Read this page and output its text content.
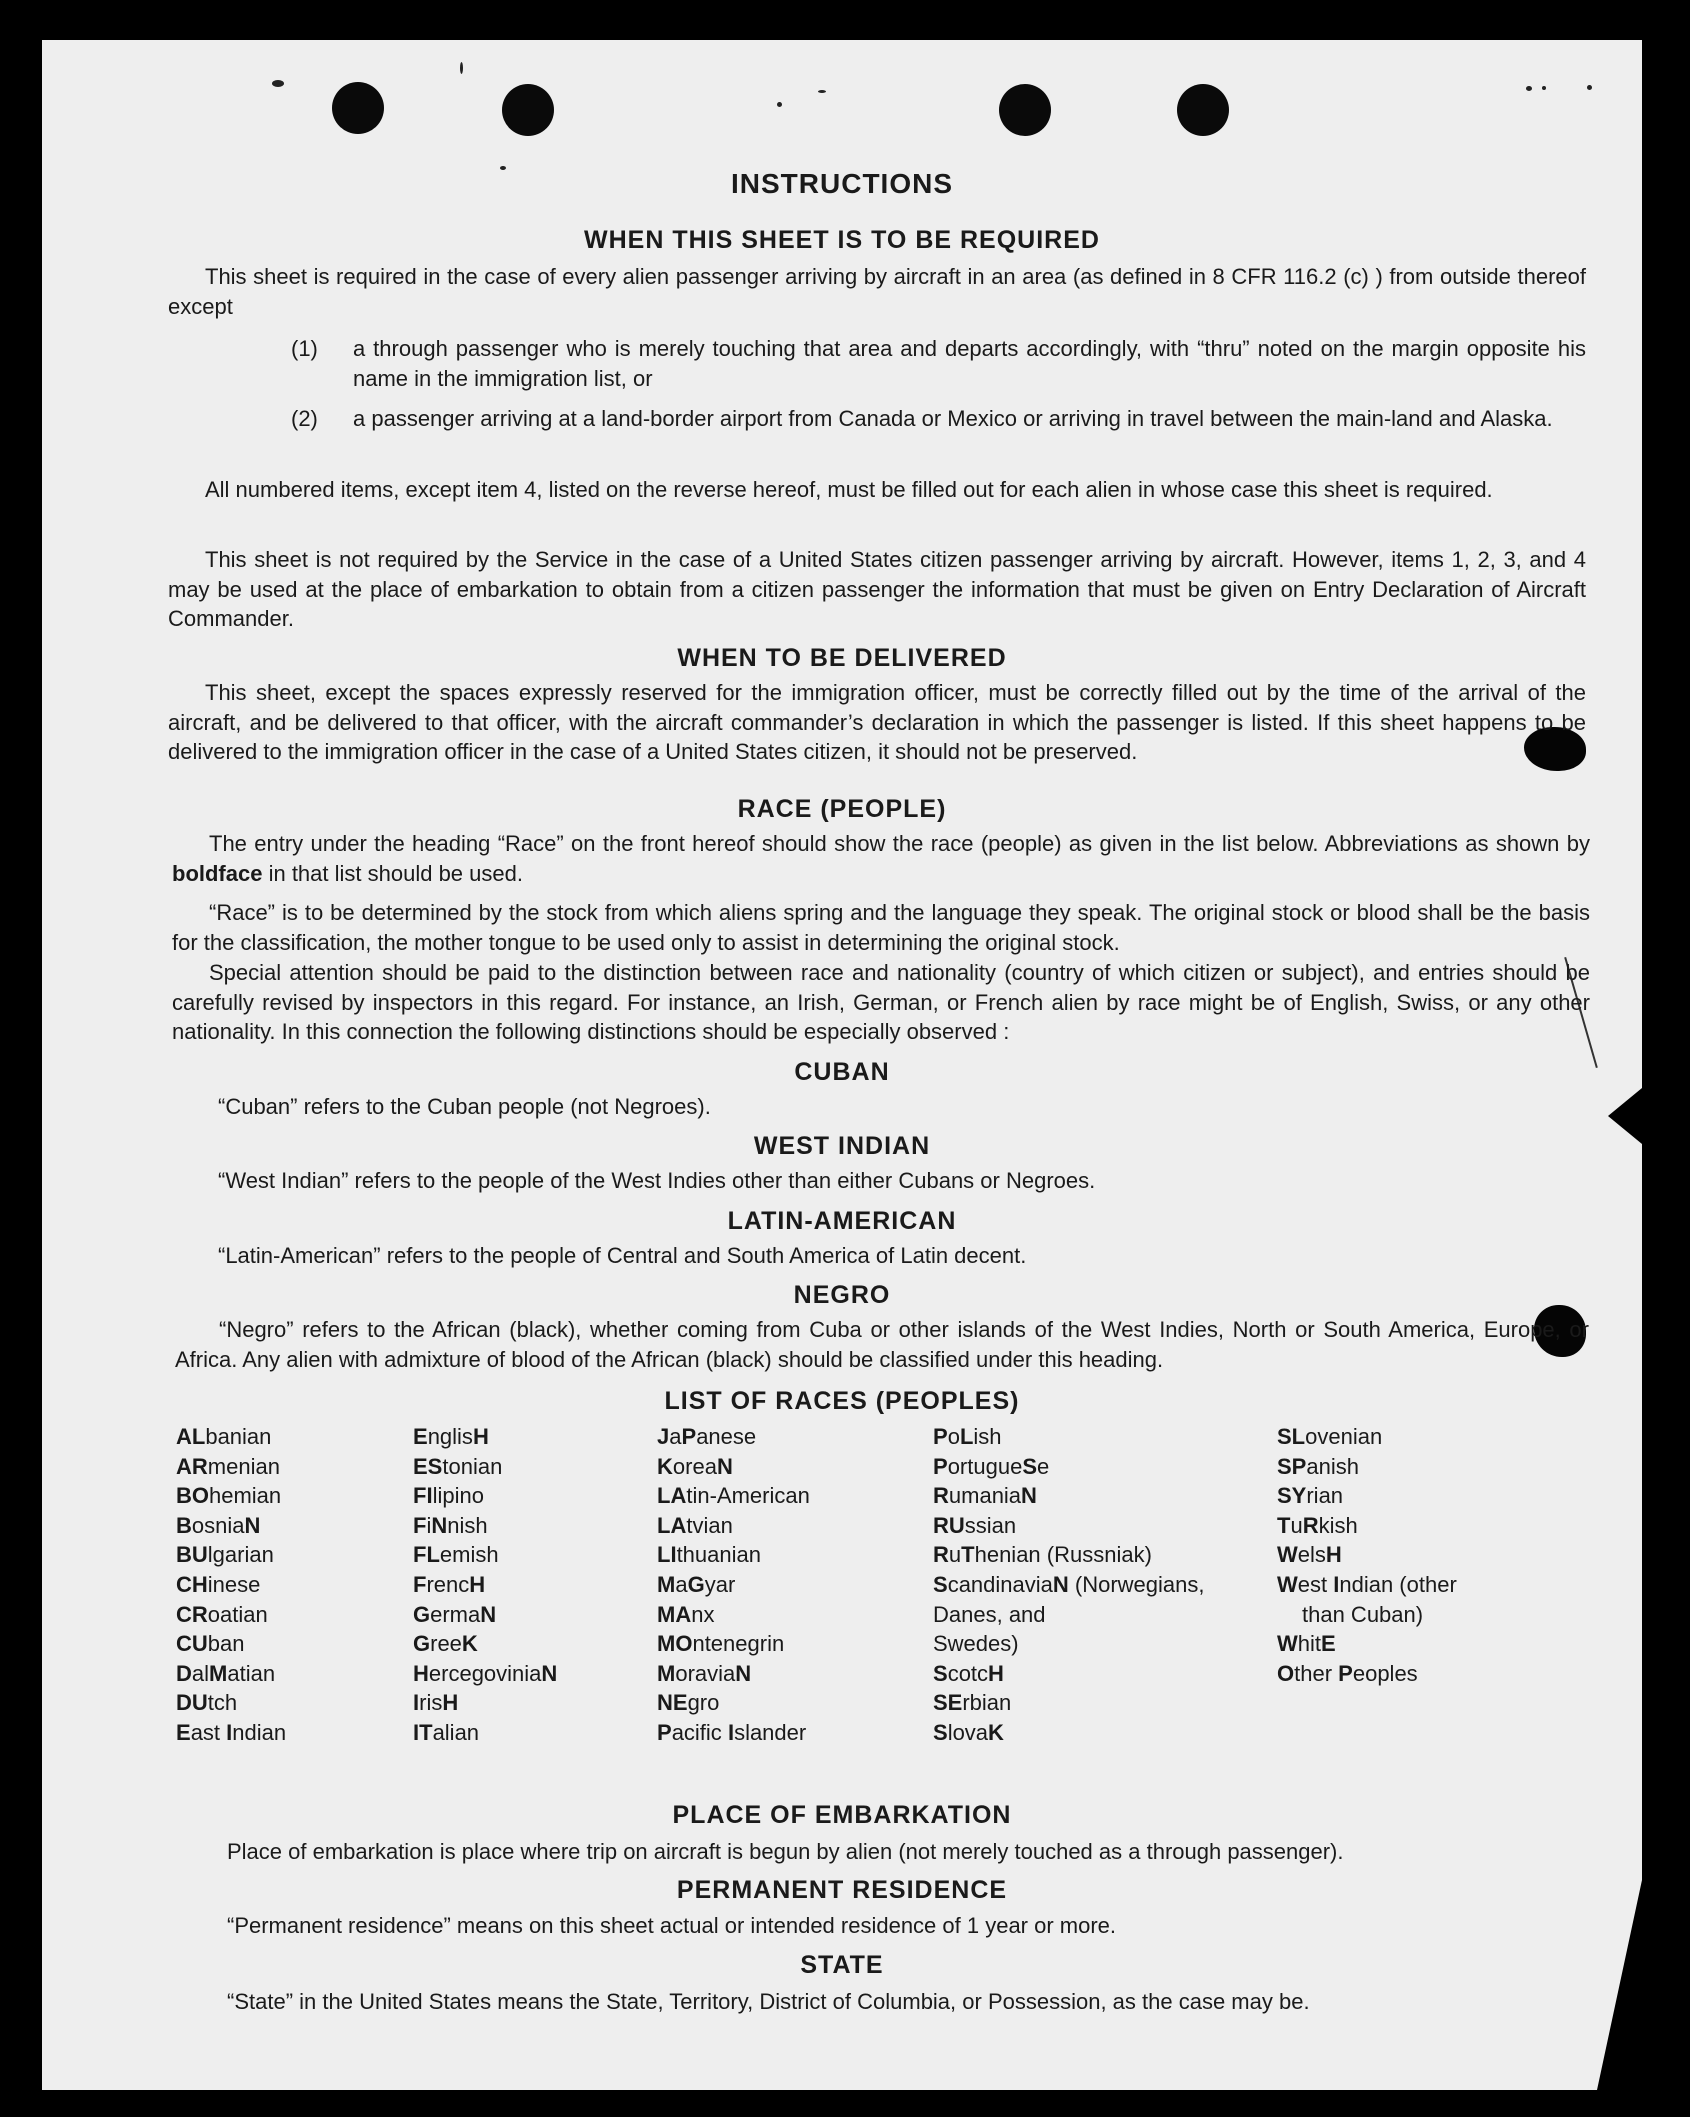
INSTRUCTIONS
WHEN THIS SHEET IS TO BE REQUIRED
This sheet is required in the case of every alien passenger arriving by aircraft in an area (as defined in 8 CFR 116.2 (c) ) from outside thereof except
(1) a through passenger who is merely touching that area and departs accordingly, with “thru” noted on the margin opposite his name in the immigration list, or
(2) a passenger arriving at a land-border airport from Canada or Mexico or arriving in travel between the main-land and Alaska.
All numbered items, except item 4, listed on the reverse hereof, must be filled out for each alien in whose case this sheet is required.
This sheet is not required by the Service in the case of a United States citizen passenger arriving by aircraft. However, items 1, 2, 3, and 4 may be used at the place of embarkation to obtain from a citizen passenger the information that must be given on Entry Declaration of Aircraft Commander.
WHEN TO BE DELIVERED
This sheet, except the spaces expressly reserved for the immigration officer, must be correctly filled out by the time of the arrival of the aircraft, and be delivered to that officer, with the aircraft commander’s declaration in which the passenger is listed. If this sheet happens to be delivered to the immigration officer in the case of a United States citizen, it should not be preserved.
RACE (PEOPLE)
The entry under the heading “Race” on the front hereof should show the race (people) as given in the list below. Abbreviations as shown by boldface in that list should be used.
“Race” is to be determined by the stock from which aliens spring and the language they speak. The original stock or blood shall be the basis for the classification, the mother tongue to be used only to assist in determining the original stock.
Special attention should be paid to the distinction between race and nationality (country of which citizen or subject), and entries should be carefully revised by inspectors in this regard. For instance, an Irish, German, or French alien by race might be of English, Swiss, or any other nationality. In this connection the following distinctions should be especially observed :
CUBAN
“Cuban” refers to the Cuban people (not Negroes).
WEST INDIAN
“West Indian” refers to the people of the West Indies other than either Cubans or Negroes.
LATIN-AMERICAN
“Latin-American” refers to the people of Central and South America of Latin decent.
NEGRO
“Negro” refers to the African (black), whether coming from Cuba or other islands of the West Indies, North or South America, Europe, or Africa. Any alien with admixture of blood of the African (black) should be classified under this heading.
LIST OF RACES (PEOPLES)
ALbanian
ARmenian
BOhemian
BosniaN
BUlgarian
CHinese
CRoatian
CUban
DalMatian
DUtch
East Indian
EnglisH
EStonian
FIlipino
FiNnish
FLemish
FrencH
GermaN
GreeK
HercegoviniaN
IrisH
ITalian
JaPanese
KoreaN
LAtin-American
LAtvian
LIthuanian
MaGyar
MAnx
MOntenegrin
MoraviaN
NEgro
Pacific Islander
PoLish
PortugueSe
RumaniaN
RUssian
RuThenian (Russniak)
ScandinaviaN (Norwegians,
Danes, and
Swedes)
ScotcH
SErbian
SlovaK
SLovenian
SPanish
SYrian
TuRkish
WelsH
West Indian (other
than Cuban)
WhitE
Other Peoples
PLACE OF EMBARKATION
Place of embarkation is place where trip on aircraft is begun by alien (not merely touched as a through passenger).
PERMANENT RESIDENCE
“Permanent residence” means on this sheet actual or intended residence of 1 year or more.
STATE
“State” in the United States means the State, Territory, District of Columbia, or Possession, as the case may be.
